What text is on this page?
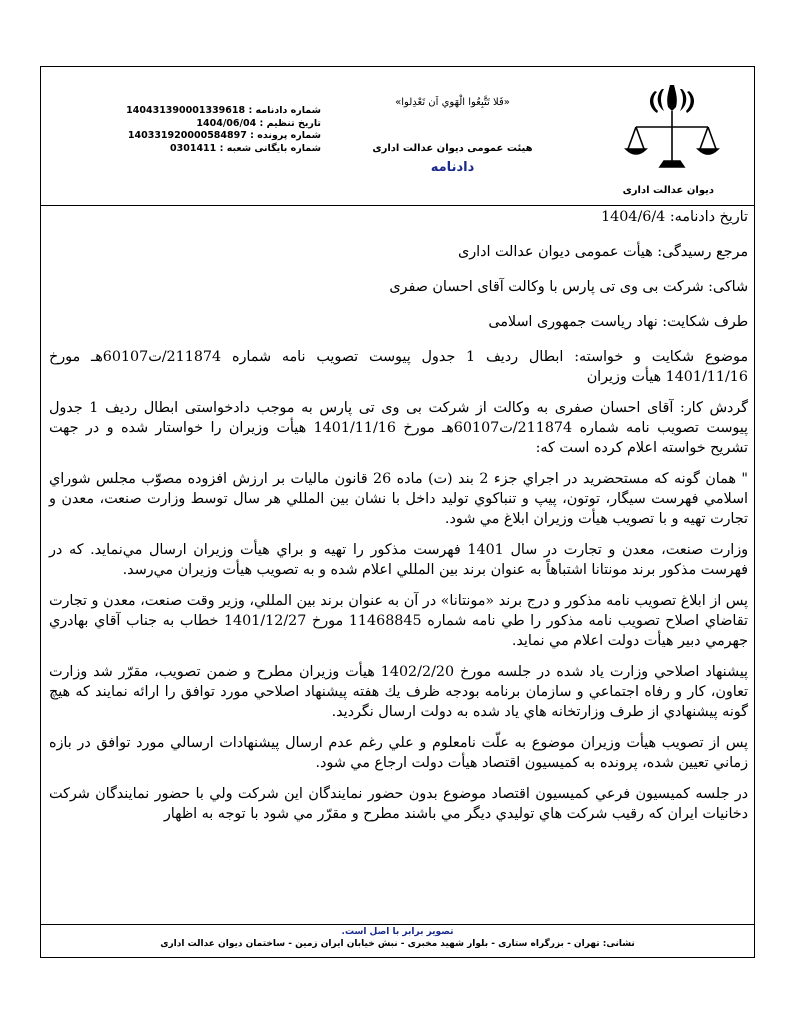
شماره دادنامه : 140431390001339618
تاریخ تنظیم : 1404/06/04
شماره پرونده : 140331920000584897
شماره بایگانی شعبه : 0301411
«فَلا تَتَّبِعُوا الْهَوي اَن تَعْدِلوا»
هیئت عمومی دیوان عدالت اداری
دادنامه
دیوان عدالت اداری

تاریخ دادنامه: 1404/6/4

مرجع رسیدگی: هیأت عمومی دیوان عدالت اداری

شاکی: شرکت بی وی تی پارس با وکالت آقای احسان صفری

طرف شکایت: نهاد ریاست جمهوری اسلامی

موضوع شکایت و خواسته: ابطال ردیف 1 جدول پیوست تصویب نامه شماره 211874/ت60107هـ مورخ 1401/11/16 هیأت وزیران

گردش کار: آقای احسان صفری به وکالت از شرکت بی وی تی پارس به موجب دادخواستی ابطال ردیف 1 جدول پیوست تصویب نامه شماره 211874/ت60107هـ مورخ 1401/11/16 هیأت وزیران را خواستار شده و در جهت تشریح خواسته اعلام کرده است که:

" همان گونه که مستحضرید در اجراي جزء 2 بند (ت) ماده 26 قانون ماليات بر ارزش افزوده مصوّب مجلس شوراي اسلامي فهرست سيگار، توتون، پيپ و تنباكوي توليد داخل با نشان بين المللي هر سال توسط وزارت صنعت، معدن و تجارت تهيه و با تصويب هيأت وزيران ابلاغ مي شود.

وزارت صنعت، معدن و تجارت در سال 1401 فهرست مذكور را تهيه و براي هيأت وزيران ارسال مي‌نمايد. كه در فهرست مذكور برند مونتانا اشتباهاً به عنوان برند بين المللي اعلام شده و به تصويب هيأت وزيران مي‌رسد.

پس از ابلاغ تصويب نامه مذكور و درج برند «مونتانا» در آن به عنوان برند بين المللي، وزير وقت صنعت، معدن و تجارت تقاضاي اصلاح تصويب نامه مذكور را طي نامه شماره 11468845 مورخ 1401/12/27 خطاب به جناب آقاي بهادري جهرمي دبير هيأت دولت اعلام مي نمايد.

پيشنهاد اصلاحي وزارت ياد شده در جلسه مورخ 1402/2/20 هيأت وزيران مطرح و ضمن تصويب، مقرّر شد وزارت تعاون، كار و رفاه اجتماعي و سازمان برنامه بودجه ظرف يك هفته پيشنهاد اصلاحي مورد توافق را ارائه نمايند كه هيچ گونه پيشنهادي از طرف وزارتخانه هاي ياد شده به دولت ارسال نگرديد.

پس از تصويب هيأت وزيران موضوع به علّت نامعلوم و علي رغم عدم ارسال پيشنهادات ارسالي مورد توافق در بازه زماني تعيين شده، پرونده به كميسيون اقتصاد هيأت دولت ارجاع مي شود.

در جلسه كميسيون فرعي كميسيون اقتصاد موضوع بدون حضور نمايندگان اين شركت ولي با حضور نمايندگان شركت دخانيات ايران كه رقيب شركت هاي توليدي ديگر مي باشند مطرح و مقرّر مي شود با توجه به اظهار

تصویر برابر با اصل است.
نشانی: تهران - بزرگراه ستاری - بلوار شهید مخبری - نبش خیابان ایران زمین - ساختمان دیوان عدالت اداری
